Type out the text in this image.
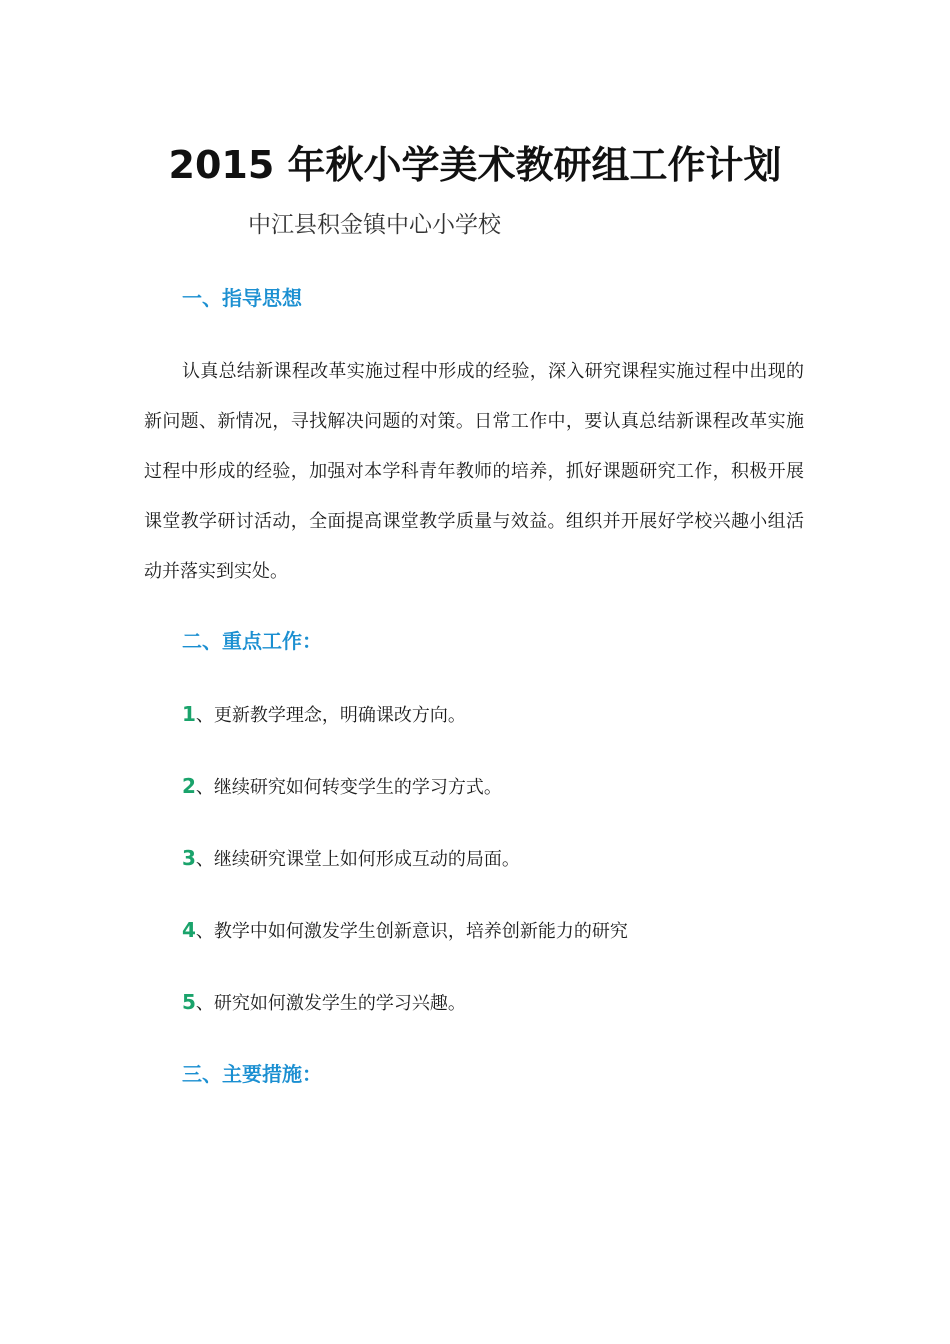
2015 年秋小学美术教研组工作计划
中江县积金镇中心小学校
一、指导思想
认真总结新课程改革实施过程中形成的经验，深入研究课程实施过程中出现的新问题、新情况，寻找解决问题的对策。日常工作中，要认真总结新课程改革实施过程中形成的经验，加强对本学科青年教师的培养，抓好课题研究工作，积极开展课堂教学研讨活动，全面提高课堂教学质量与效益。组织并开展好学校兴趣小组活动并落实到实处。
二、重点工作：
1、更新教学理念，明确课改方向。
2、继续研究如何转变学生的学习方式。
3、继续研究课堂上如何形成互动的局面。
4、教学中如何激发学生创新意识，培养创新能力的研究
5、研究如何激发学生的学习兴趣。
三、主要措施：
